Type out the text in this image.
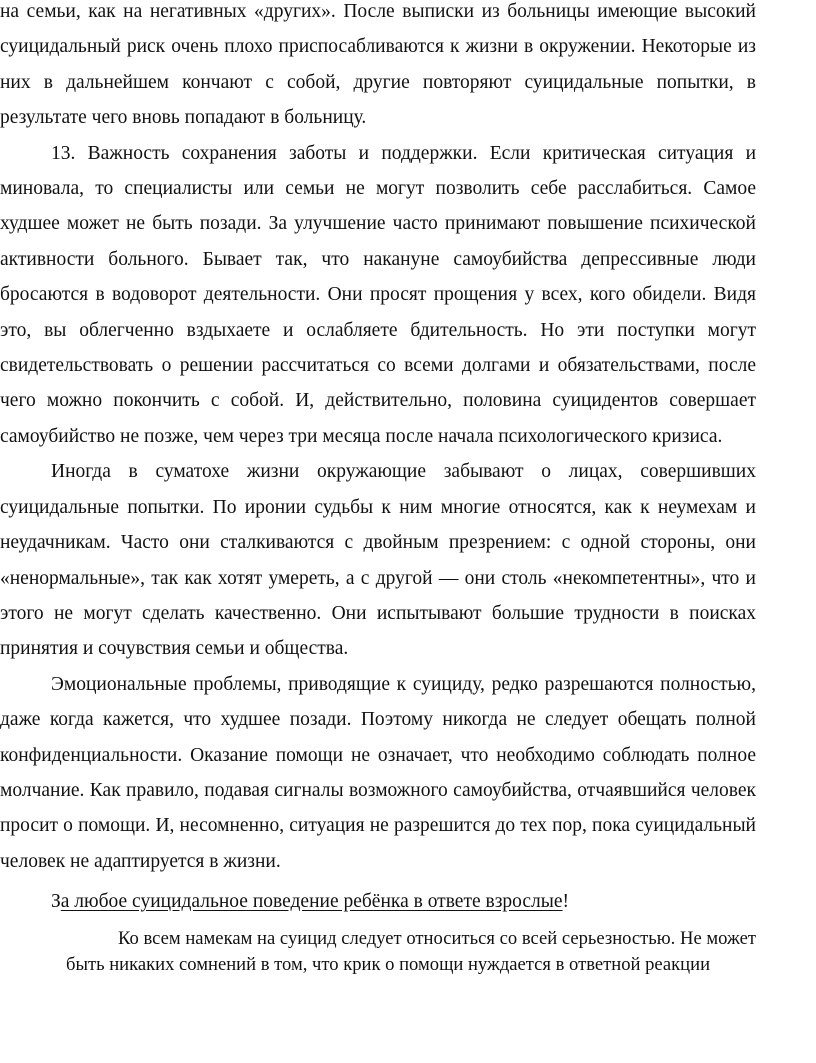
на семьи, как на негативных «других». После выписки из больницы имеющие высокий суицидальный риск очень плохо приспосабливаются к жизни в окружении. Некоторые из них в дальнейшем кончают с собой, другие повторяют суицидальные попытки, в результате чего вновь попадают в больницу.

13. Важность сохранения заботы и поддержки. Если критическая ситуация и миновала, то специалисты или семьи не могут позволить себе расслабиться. Самое худшее может не быть позади. За улучшение часто принимают повышение психической активности больного. Бывает так, что накануне самоубийства депрессивные люди бросаются в водоворот деятельности. Они просят прощения у всех, кого обидели. Видя это, вы облегченно вздыхаете и ослабляете бдительность. Но эти поступки могут свидетельствовать о решении рассчитаться со всеми долгами и обязательствами, после чего можно покончить с собой. И, действительно, половина суицидентов совершает самоубийство не позже, чем через три месяца после начала психологического кризиса.

Иногда в суматохе жизни окружающие забывают о лицах, совершивших суицидальные попытки. По иронии судьбы к ним многие относятся, как к неумехам и неудачникам. Часто они сталкиваются с двойным презрением: с одной стороны, они «ненормальные», так как хотят умереть, а с другой — они столь «некомпетентны», что и этого не могут сделать качественно. Они испытывают большие трудности в поисках принятия и сочувствия семьи и общества.

Эмоциональные проблемы, приводящие к суициду, редко разрешаются полностью, даже когда кажется, что худшее позади. Поэтому никогда не следует обещать полной конфиденциальности. Оказание помощи не означает, что необходимо соблюдать полное молчание. Как правило, подавая сигналы возможного самоубийства, отчаявшийся человек просит о помощи. И, несомненно, ситуация не разрешится до тех пор, пока суицидальный человек не адаптируется в жизни.

За любое суицидальное поведение ребёнка в ответе взрослые!

Ко всем намекам на суицид следует относиться со всей серьезностью. Не может быть никаких сомнений в том, что крик о помощи нуждается в ответной реакции
